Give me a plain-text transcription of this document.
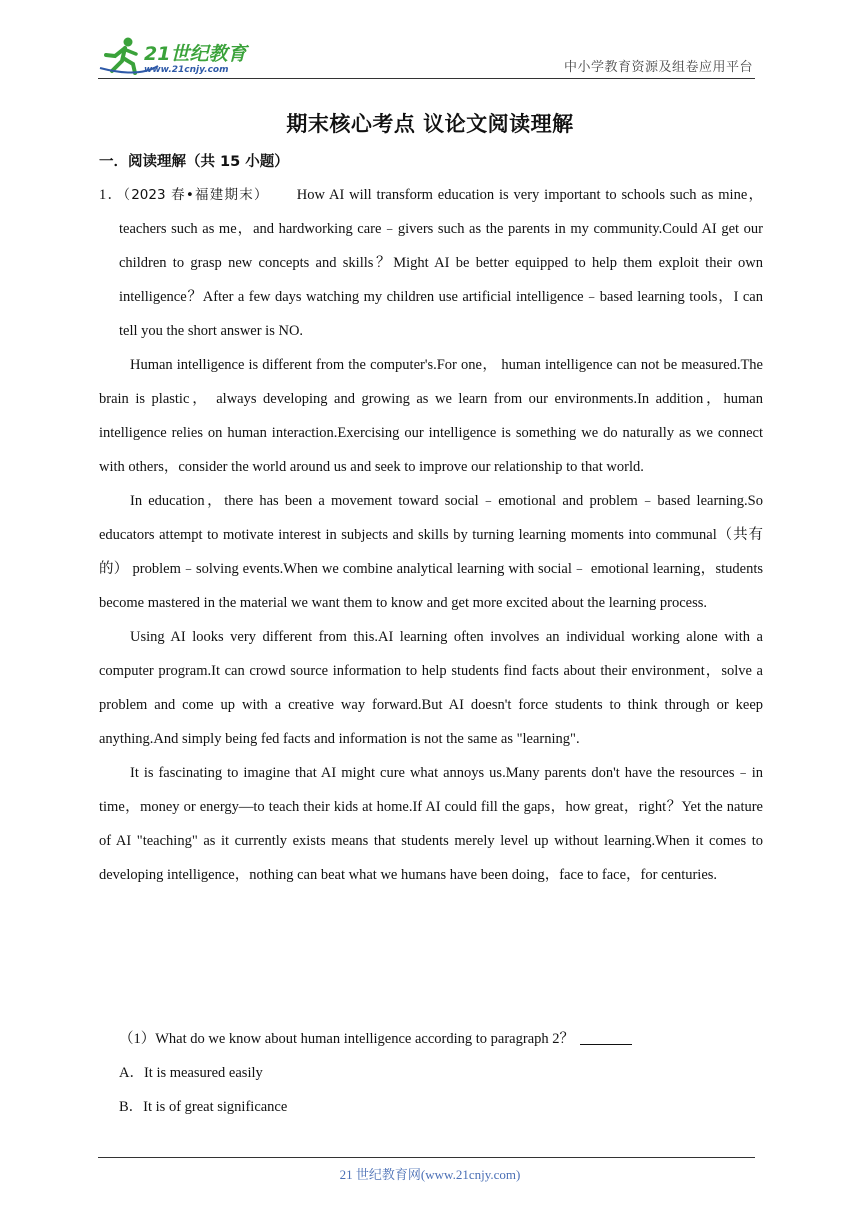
21世纪教育
www.21cnjy.com	中小学教育资源及组卷应用平台
期末核心考点 议论文阅读理解
一．阅读理解（共 15 小题）

1．（2023 春•福建期末） How AI will transform education is very important to schools such as mine，teachers such as me，and hardworking care﹣givers such as the parents in my community.Could AI get our children to grasp new concepts and skills？Might AI be better equipped to help them exploit their own intelligence？After a few days watching my children use artificial intelligence﹣based learning tools，I can tell you the short answer is NO.

Human intelligence is different from the computer's.For one， human intelligence can not be measured.The brain is plastic， always developing and growing as we learn from our environments.In addition，human intelligence relies on human interaction.Exercising our intelligence is something we do naturally as we connect with others，consider the world around us and seek to improve our relationship to that world.

In education，there has been a movement toward social﹣emotional and problem﹣based learning.So educators attempt to motivate interest in subjects and skills by turning learning moments into communal（共有的） problem﹣solving events.When we combine analytical learning with social﹣ emotional learning，students become mastered in the material we want them to know and get more excited about the learning process.

Using AI looks very different from this.AI learning often involves an individual working alone with a computer program.It can crowd source information to help students find facts about their environment，solve a problem and come up with a creative way forward.But AI doesn't force students to think through or keep anything.And simply being fed facts and information is not the same as "learning".

It is fascinating to imagine that AI might cure what annoys us.Many parents don't have the resources﹣in time，money or energy—to teach their kids at home.If AI could fill the gaps，how great，right？Yet the nature of AI "teaching" as it currently exists means that students merely level up without learning.When it comes to developing intelligence，nothing can beat what we humans have been doing，face to face，for centuries.

（1）What do we know about human intelligence according to paragraph 2？

A．It is measured easily

B．It is of great significance

21 世纪教育网(www.21cnjy.com)
